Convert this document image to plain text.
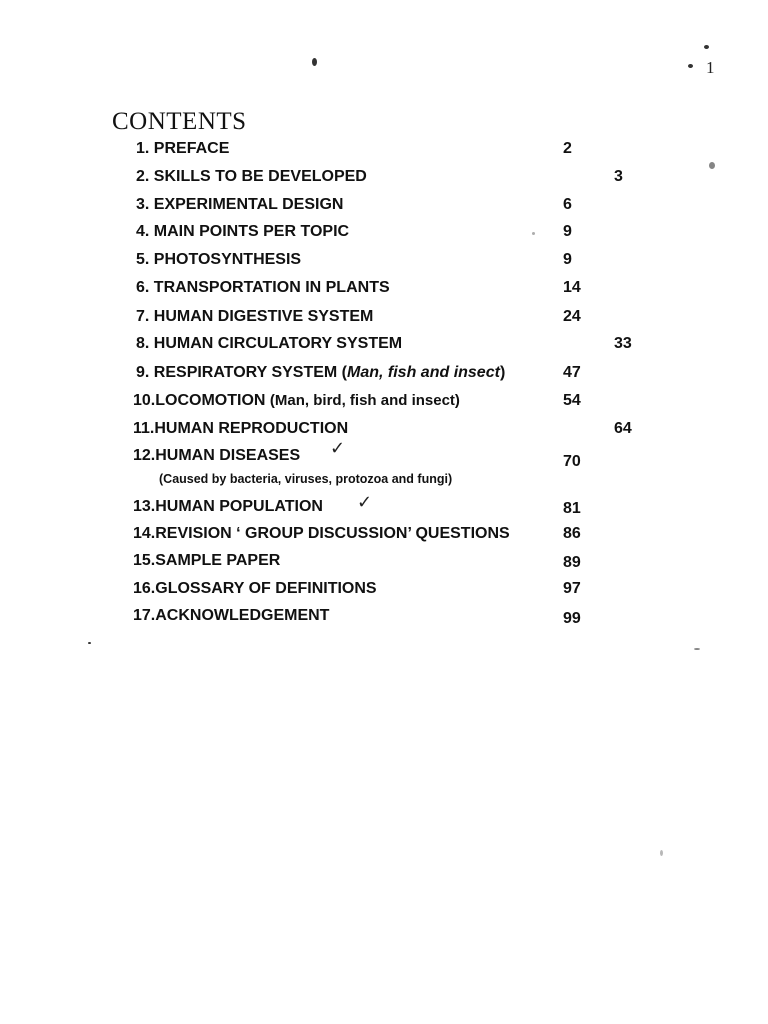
1
CONTENTS
1. PREFACE	2
2. SKILLS TO BE DEVELOPED	3
3. EXPERIMENTAL DESIGN	6
4. MAIN POINTS PER TOPIC	9
5. PHOTOSYNTHESIS	9
6. TRANSPORTATION IN PLANTS	14
7. HUMAN DIGESTIVE SYSTEM	24
8. HUMAN CIRCULATORY SYSTEM	33
9. RESPIRATORY SYSTEM (Man, fish and insect)	47
10.LOCOMOTION (Man, bird, fish and insect)	54
11.HUMAN REPRODUCTION	64
12.HUMAN DISEASES	70
(Caused by bacteria, viruses, protozoa and fungi)
13.HUMAN POPULATION	81
14.REVISION ‘ GROUP DISCUSSION’ QUESTIONS	86
15.SAMPLE PAPER	89
16.GLOSSARY OF DEFINITIONS	97
17.ACKNOWLEDGEMENT	99
✓
✓
